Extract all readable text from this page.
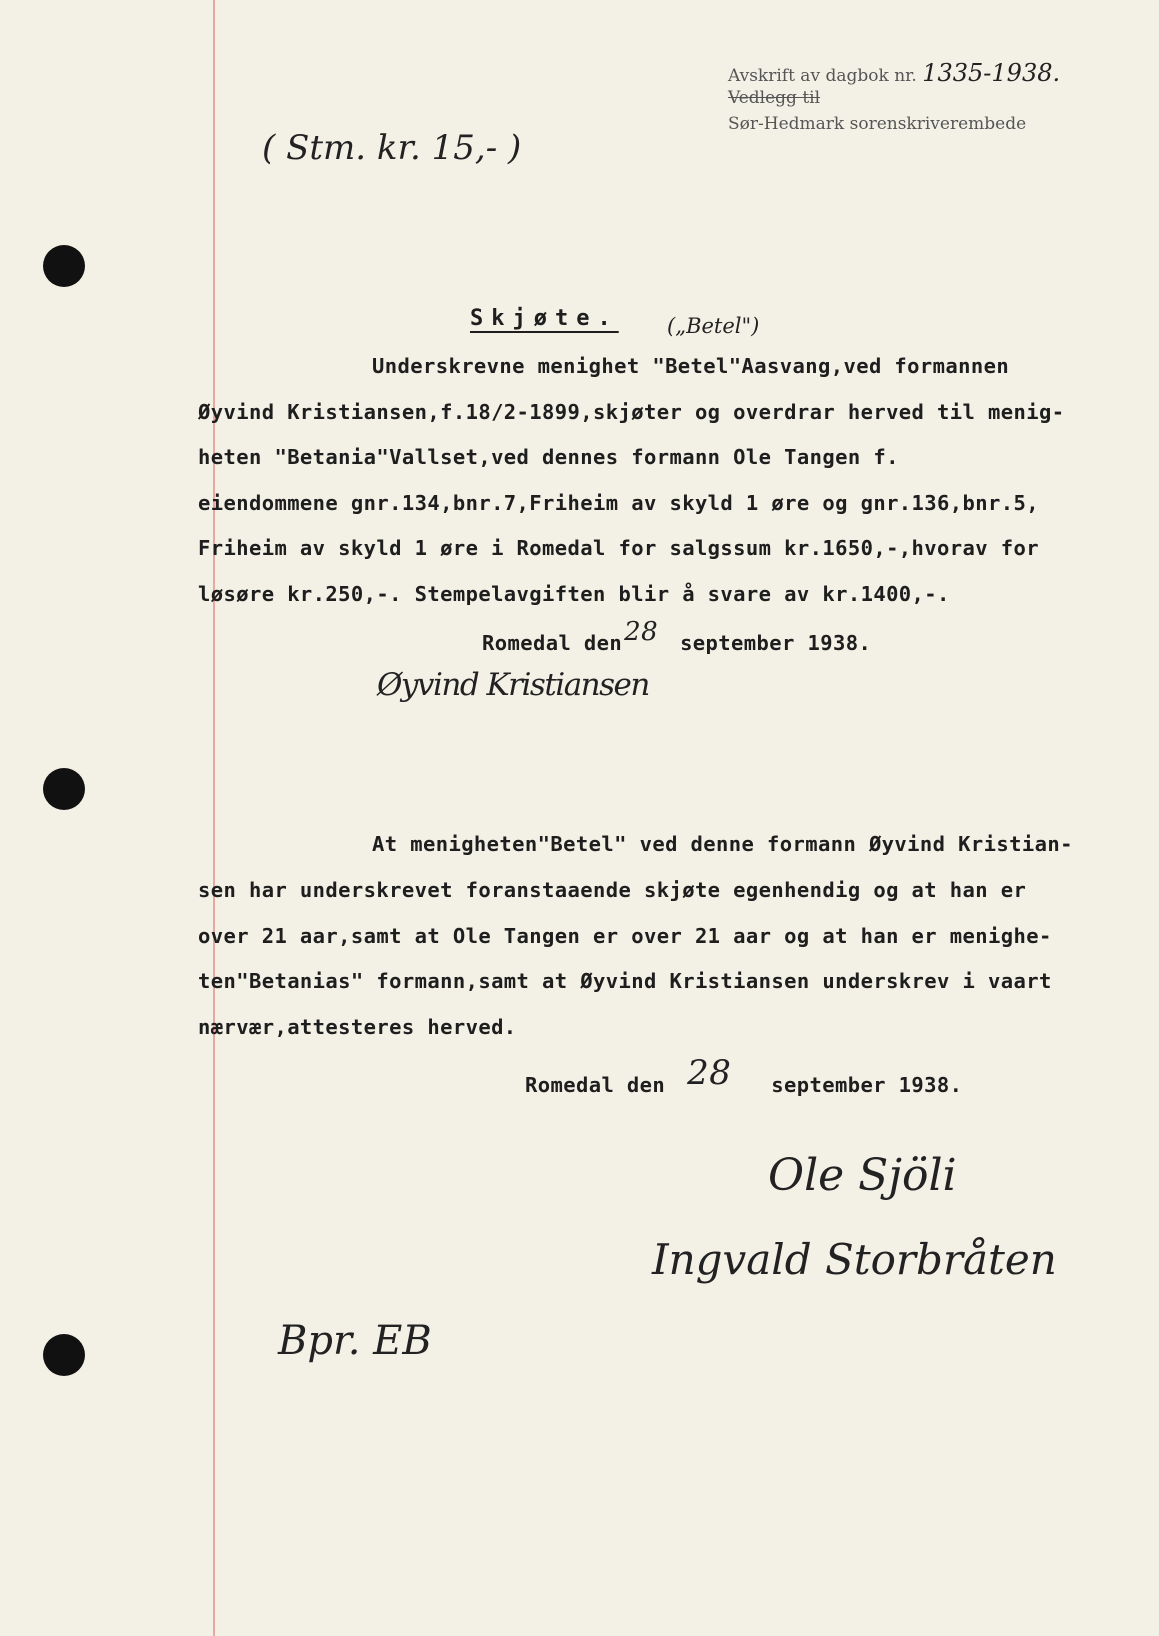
Avskrift av dagbok nr. 1335-1938.
Vedlegg til
Sør-Hedmark sorenskriverembede
( Stm. kr. 15,- )
Skjøte. („Betel")
Underskrevne menighet "Betel"Aasvang,ved formannen
Øyvind Kristiansen,f.18/2-1899,skjøter og overdrar herved til menig-
heten "Betania"Vallset,ved dennes formann Ole Tangen f.
eiendommene gnr.134,bnr.7,Friheim av skyld 1 øre og gnr.136,bnr.5,
Friheim av skyld 1 øre i Romedal for salgssum kr.1650,-,hvorav for
løsøre kr.250,-. Stempelavgiften blir å svare av kr.1400,-.
Romedal den28 september 1938.
Øyvind Kristiansen
At menigheten"Betel" ved denne formann Øyvind Kristian-
sen har underskrevet foranstaaende skjøte egenhendig og at han er
over 21 aar,samt at Ole Tangen er over 21 aar og at han er menighe-
ten"Betanias" formann,samt at Øyvind Kristiansen underskrev i vaart
nærvær,attesteres herved.
Romedal den 28 september 1938.
Ole Sjöli
Ingvald Storbråten
Bpr. EB
